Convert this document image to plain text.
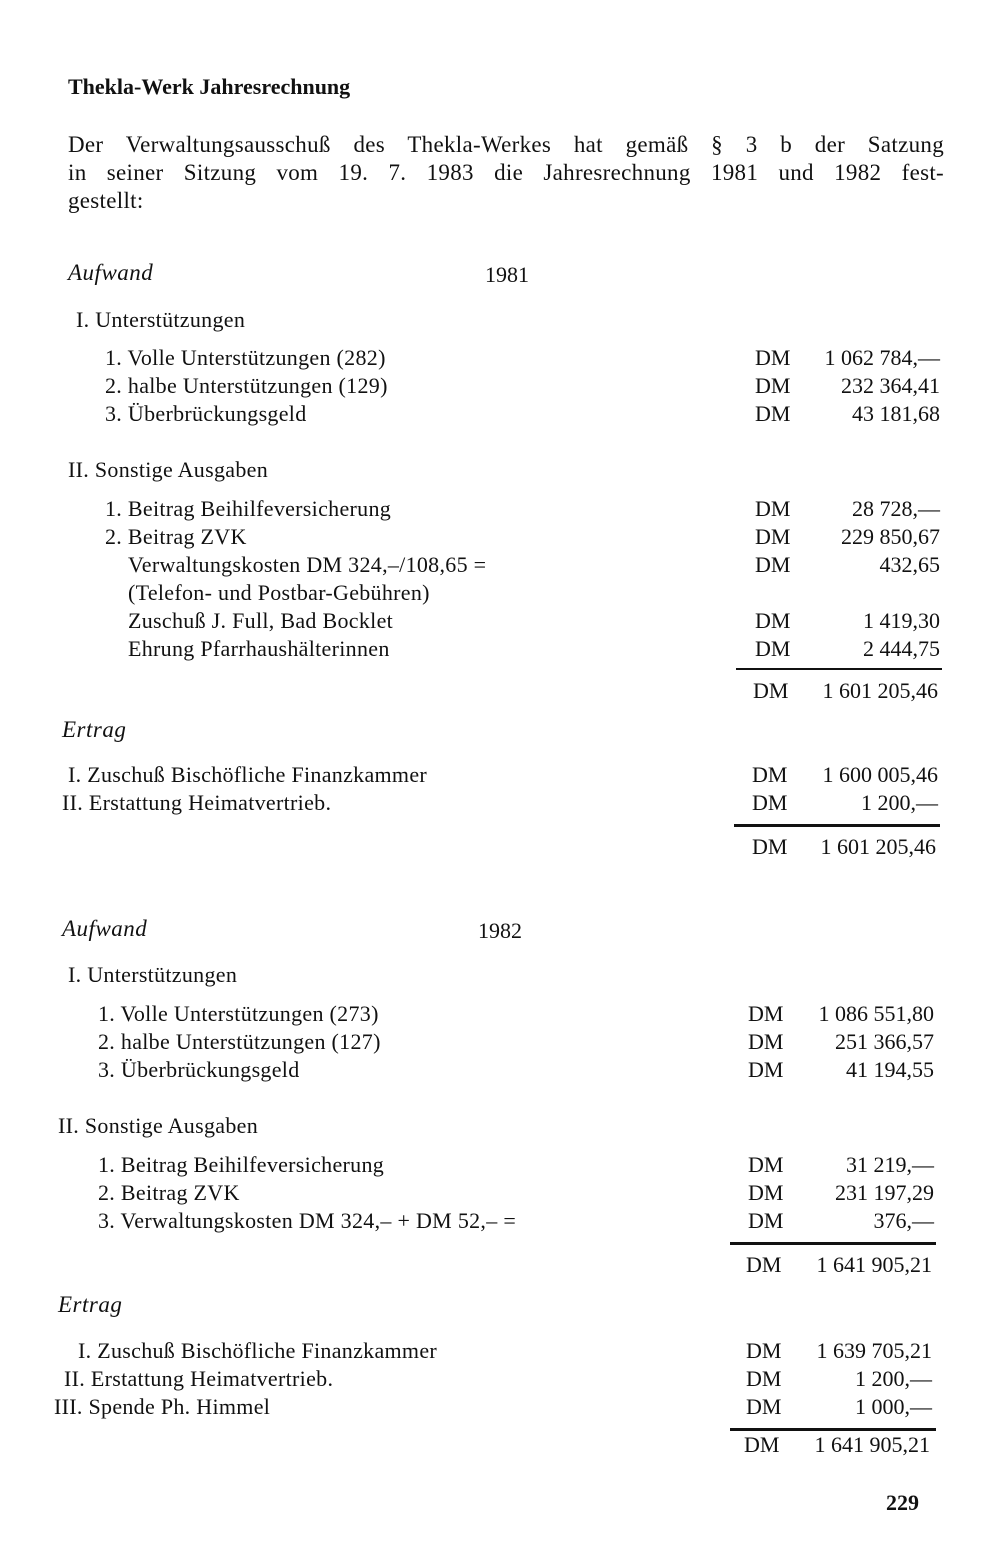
Thekla-Werk Jahresrechnung
Der Verwaltungsausschuß des Thekla-Werkes hat gemäß § 3 b der Satzung
in seiner Sitzung vom 19. 7. 1983 die Jahresrechnung 1981 und 1982 fest-
gestellt:
Aufwand	1981
I. Unterstützungen
1. Volle Unterstützungen (282)	DM	1 062 784,—
2. halbe Unterstützungen (129)	DM	232 364,41
3. Überbrückungsgeld	DM	43 181,68
II. Sonstige Ausgaben
1. Beitrag Beihilfeversicherung	DM	28 728,—
2. Beitrag ZVK	DM	229 850,67
Verwaltungskosten DM 324,–/108,65 =	DM	432,65
(Telefon- und Postbar-Gebühren)
Zuschuß J. Full, Bad Bocklet	DM	1 419,30
Ehrung Pfarrhaushälterinnen	DM	2 444,75
DM	1 601 205,46
Ertrag
I. Zuschuß Bischöfliche Finanzkammer	DM	1 600 005,46
II. Erstattung Heimatvertrieb.	DM	1 200,—
DM	1 601 205,46
Aufwand	1982
I. Unterstützungen
1. Volle Unterstützungen (273)	DM	1 086 551,80
2. halbe Unterstützungen (127)	DM	251 366,57
3. Überbrückungsgeld	DM	41 194,55
II. Sonstige Ausgaben
1. Beitrag Beihilfeversicherung	DM	31 219,—
2. Beitrag ZVK	DM	231 197,29
3. Verwaltungskosten DM 324,– + DM 52,– =	DM	376,—
DM	1 641 905,21
Ertrag
I. Zuschuß Bischöfliche Finanzkammer	DM	1 639 705,21
II. Erstattung Heimatvertrieb.	DM	1 200,—
III. Spende Ph. Himmel	DM	1 000,—
DM	1 641 905,21
229
